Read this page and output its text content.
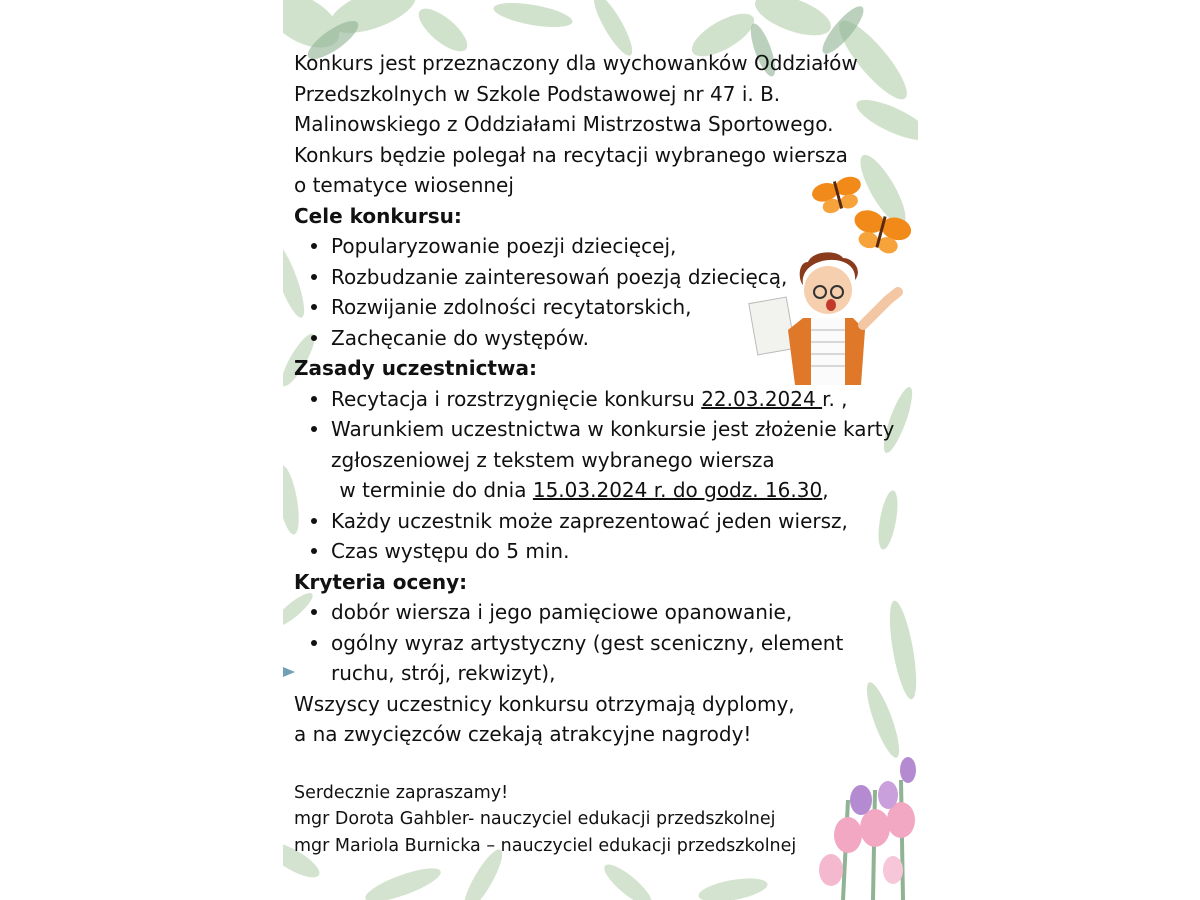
Konkurs jest przeznaczony dla wychowanków Oddziałów

Przedszkolnych w Szkole Podstawowej nr 47 i. B.

Malinowskiego z Oddziałami Mistrzostwa Sportowego.

Konkurs będzie polegał na recytacji wybranego wiersza

o tematyce wiosennej

Cele konkursu:

Popularyzowanie poezji dziecięcej,
Rozbudzanie zainteresowań poezją dziecięcą,
Rozwijanie zdolności recytatorskich,
Zachęcanie do występów.

Zasady uczestnictwa:

Recytacja i rozstrzygnięcie konkursu 22.03.2024 r. ,
Warunkiem uczestnictwa w konkursie jest złożenie karty
zgłoszeniowej z tekstem wybranego wiersza

w terminie do dnia 15.03.2024 r. do godz. 16.30,

Każdy uczestnik może zaprezentować jeden wiersz,
Czas występu do 5 min.

Kryteria oceny:

dobór wiersza i jego pamięciowe opanowanie,
ogólny wyraz artystyczny (gest sceniczny, element
ruchu, strój, rekwizyt),

Wszyscy uczestnicy konkursu otrzymają dyplomy,

a na zwycięzców czekają atrakcyjne nagrody!

Serdecznie zapraszamy!

mgr Dorota Gahbler- nauczyciel edukacji przedszkolnej

mgr Mariola Burnicka – nauczyciel edukacji przedszkolnej
